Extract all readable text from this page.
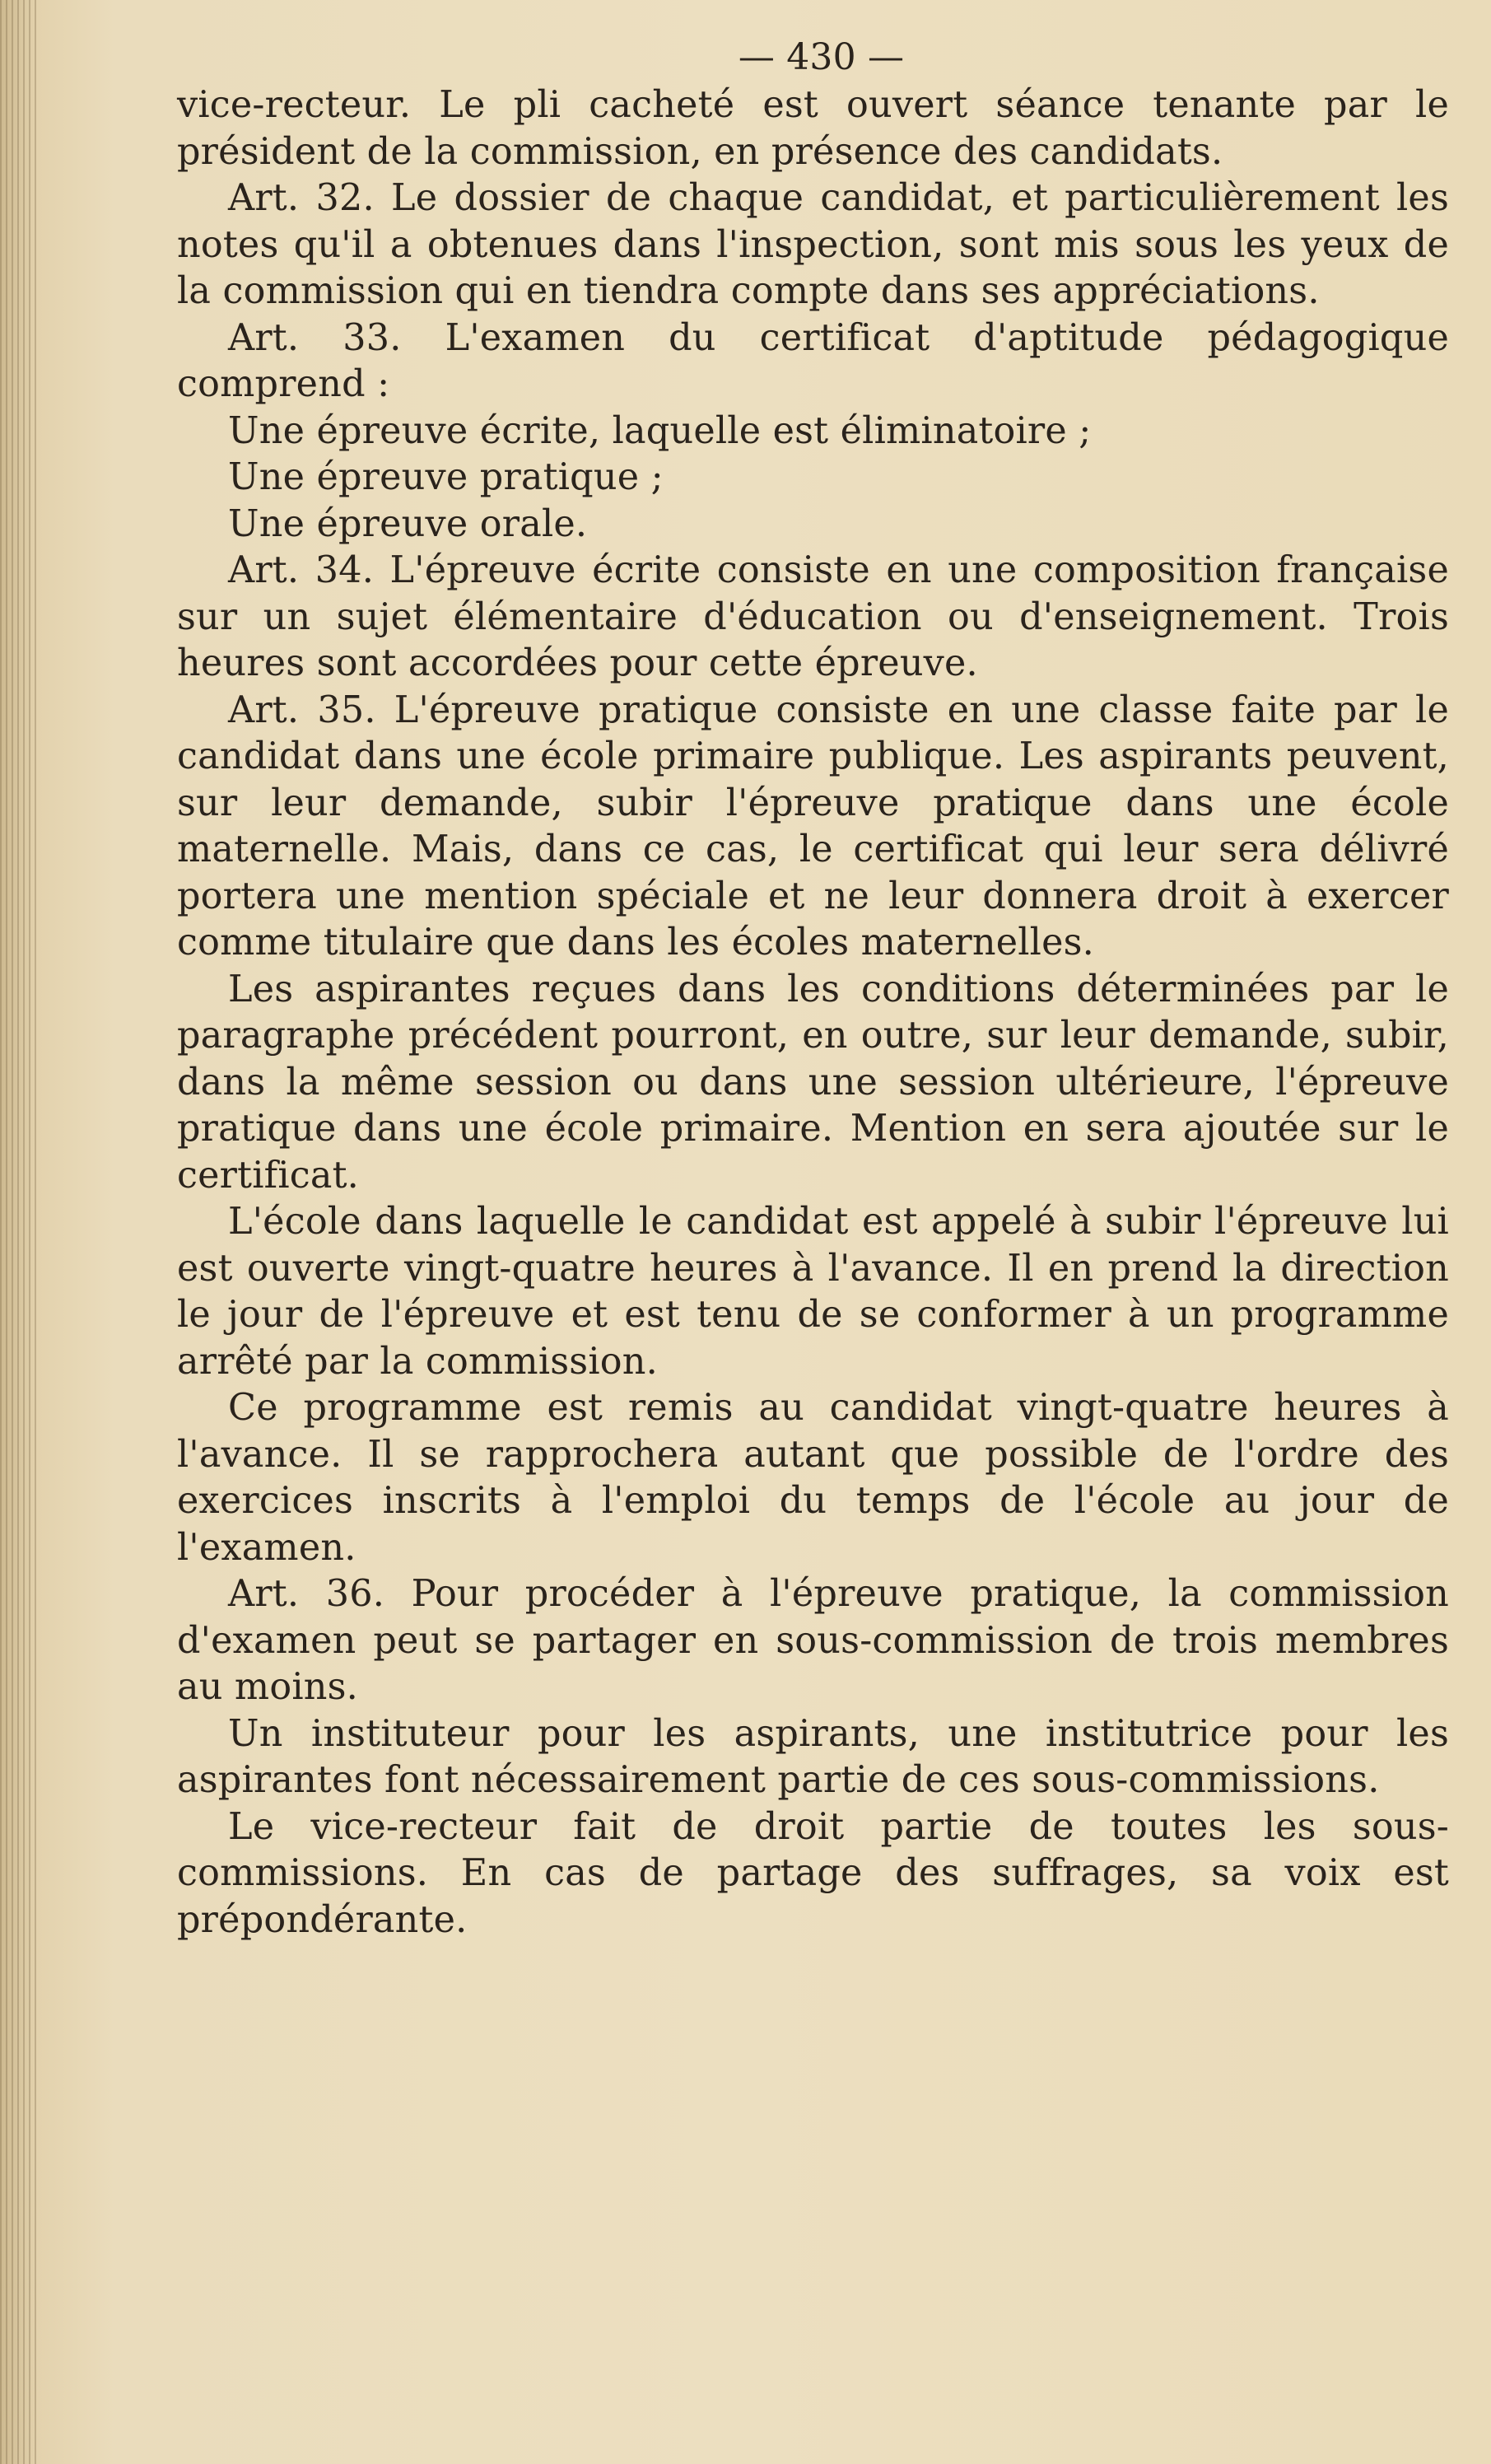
— 430 —

vice-recteur. Le pli cacheté est ouvert séance tenante par le président de la commission, en présence des candidats.

Art. 32. Le dossier de chaque candidat, et particulièrement les notes qu'il a obtenues dans l'inspection, sont mis sous les yeux de la commission qui en tiendra compte dans ses appréciations.

Art. 33. L'examen du certificat d'aptitude pédagogique comprend :

Une épreuve écrite, laquelle est éliminatoire ;

Une épreuve pratique ;

Une épreuve orale.

Art. 34. L'épreuve écrite consiste en une composition française sur un sujet élémentaire d'éducation ou d'enseignement. Trois heures sont accordées pour cette épreuve.

Art. 35. L'épreuve pratique consiste en une classe faite par le candidat dans une école primaire publique. Les aspirants peuvent, sur leur demande, subir l'épreuve pratique dans une école maternelle. Mais, dans ce cas, le certificat qui leur sera délivré portera une mention spéciale et ne leur donnera droit à exercer comme titulaire que dans les écoles maternelles.

Les aspirantes reçues dans les conditions déterminées par le paragraphe précédent pourront, en outre, sur leur demande, subir, dans la même session ou dans une session ultérieure, l'épreuve pratique dans une école primaire. Mention en sera ajoutée sur le certificat.

L'école dans laquelle le candidat est appelé à subir l'épreuve lui est ouverte vingt-quatre heures à l'avance. Il en prend la direction le jour de l'épreuve et est tenu de se conformer à un programme arrêté par la commission.

Ce programme est remis au candidat vingt-quatre heures à l'avance. Il se rapprochera autant que possible de l'ordre des exercices inscrits à l'emploi du temps de l'école au jour de l'examen.

Art. 36. Pour procéder à l'épreuve pratique, la commission d'examen peut se partager en sous-commission de trois membres au moins.

Un instituteur pour les aspirants, une institutrice pour les aspirantes font nécessairement partie de ces sous-commissions.

Le vice-recteur fait de droit partie de toutes les sous-commissions. En cas de partage des suffrages, sa voix est prépondérante.
